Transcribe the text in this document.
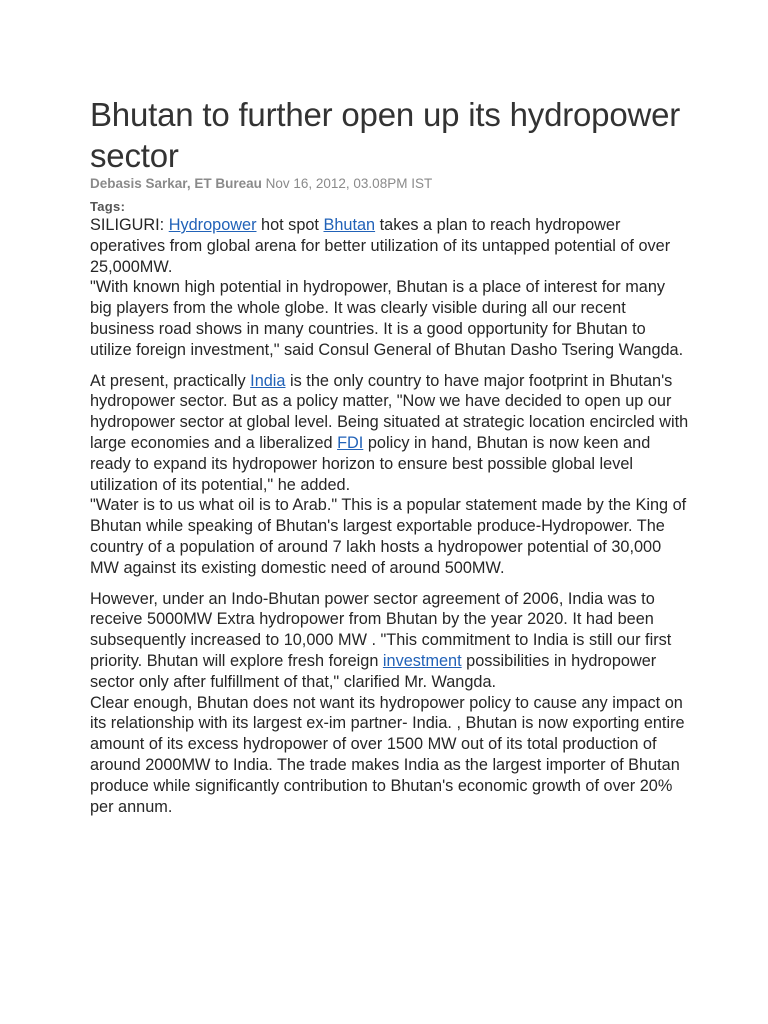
Bhutan to further open up its hydropower sector
Debasis Sarkar, ET Bureau Nov 16, 2012, 03.08PM IST
Tags:

SILIGURI: Hydropower hot spot Bhutan takes a plan to reach hydropower operatives from global arena for better utilization of its untapped potential of over 25,000MW.

"With known high potential in hydropower, Bhutan is a place of interest for many big players from the whole globe. It was clearly visible during all our recent business road shows in many countries. It is a good opportunity for Bhutan to utilize foreign investment," said Consul General of Bhutan Dasho Tsering Wangda.

At present, practically India is the only country to have major footprint in Bhutan's hydropower sector. But as a policy matter, "Now we have decided to open up our hydropower sector at global level. Being situated at strategic location encircled with large economies and a liberalized FDI policy in hand, Bhutan is now keen and ready to expand its hydropower horizon to ensure best possible global level utilization of its potential," he added.

"Water is to us what oil is to Arab." This is a popular statement made by the King of Bhutan while speaking of Bhutan's largest exportable produce-Hydropower. The country of a population of around 7 lakh hosts a hydropower potential of 30,000 MW against its existing domestic need of around 500MW.

However, under an Indo-Bhutan power sector agreement of 2006, India was to receive 5000MW Extra hydropower from Bhutan by the year 2020. It had been subsequently increased to 10,000 MW . "This commitment to India is still our first priority. Bhutan will explore fresh foreign investment possibilities in hydropower sector only after fulfillment of that," clarified Mr. Wangda.

Clear enough, Bhutan does not want its hydropower policy to cause any impact on its relationship with its largest ex-im partner- India. , Bhutan is now exporting entire amount of its excess hydropower of over 1500 MW out of its total production of around 2000MW to India. The trade makes India as the largest importer of Bhutan produce while significantly contribution to Bhutan's economic growth of over 20% per annum.
